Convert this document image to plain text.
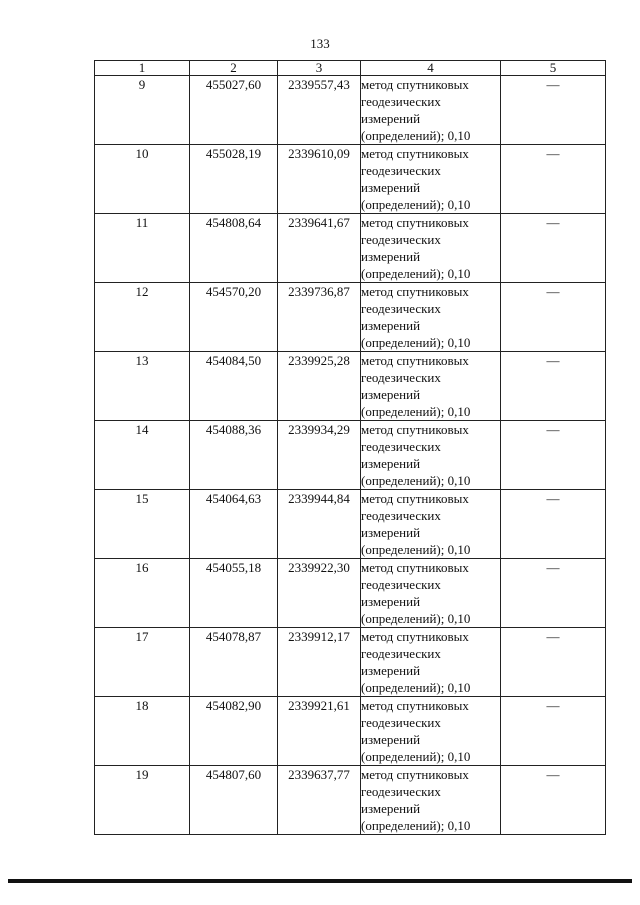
133
1	2	3	4	5
9	455027,60	2339557,43	метод спутниковых
геодезических
измерений
(определений); 0,10	—
10	455028,19	2339610,09	метод спутниковых
геодезических
измерений
(определений); 0,10	—
11	454808,64	2339641,67	метод спутниковых
геодезических
измерений
(определений); 0,10	—
12	454570,20	2339736,87	метод спутниковых
геодезических
измерений
(определений); 0,10	—
13	454084,50	2339925,28	метод спутниковых
геодезических
измерений
(определений); 0,10	—
14	454088,36	2339934,29	метод спутниковых
геодезических
измерений
(определений); 0,10	—
15	454064,63	2339944,84	метод спутниковых
геодезических
измерений
(определений); 0,10	—
16	454055,18	2339922,30	метод спутниковых
геодезических
измерений
(определений); 0,10	—
17	454078,87	2339912,17	метод спутниковых
геодезических
измерений
(определений); 0,10	—
18	454082,90	2339921,61	метод спутниковых
геодезических
измерений
(определений); 0,10	—
19	454807,60	2339637,77	метод спутниковых
геодезических
измерений
(определений); 0,10	—
